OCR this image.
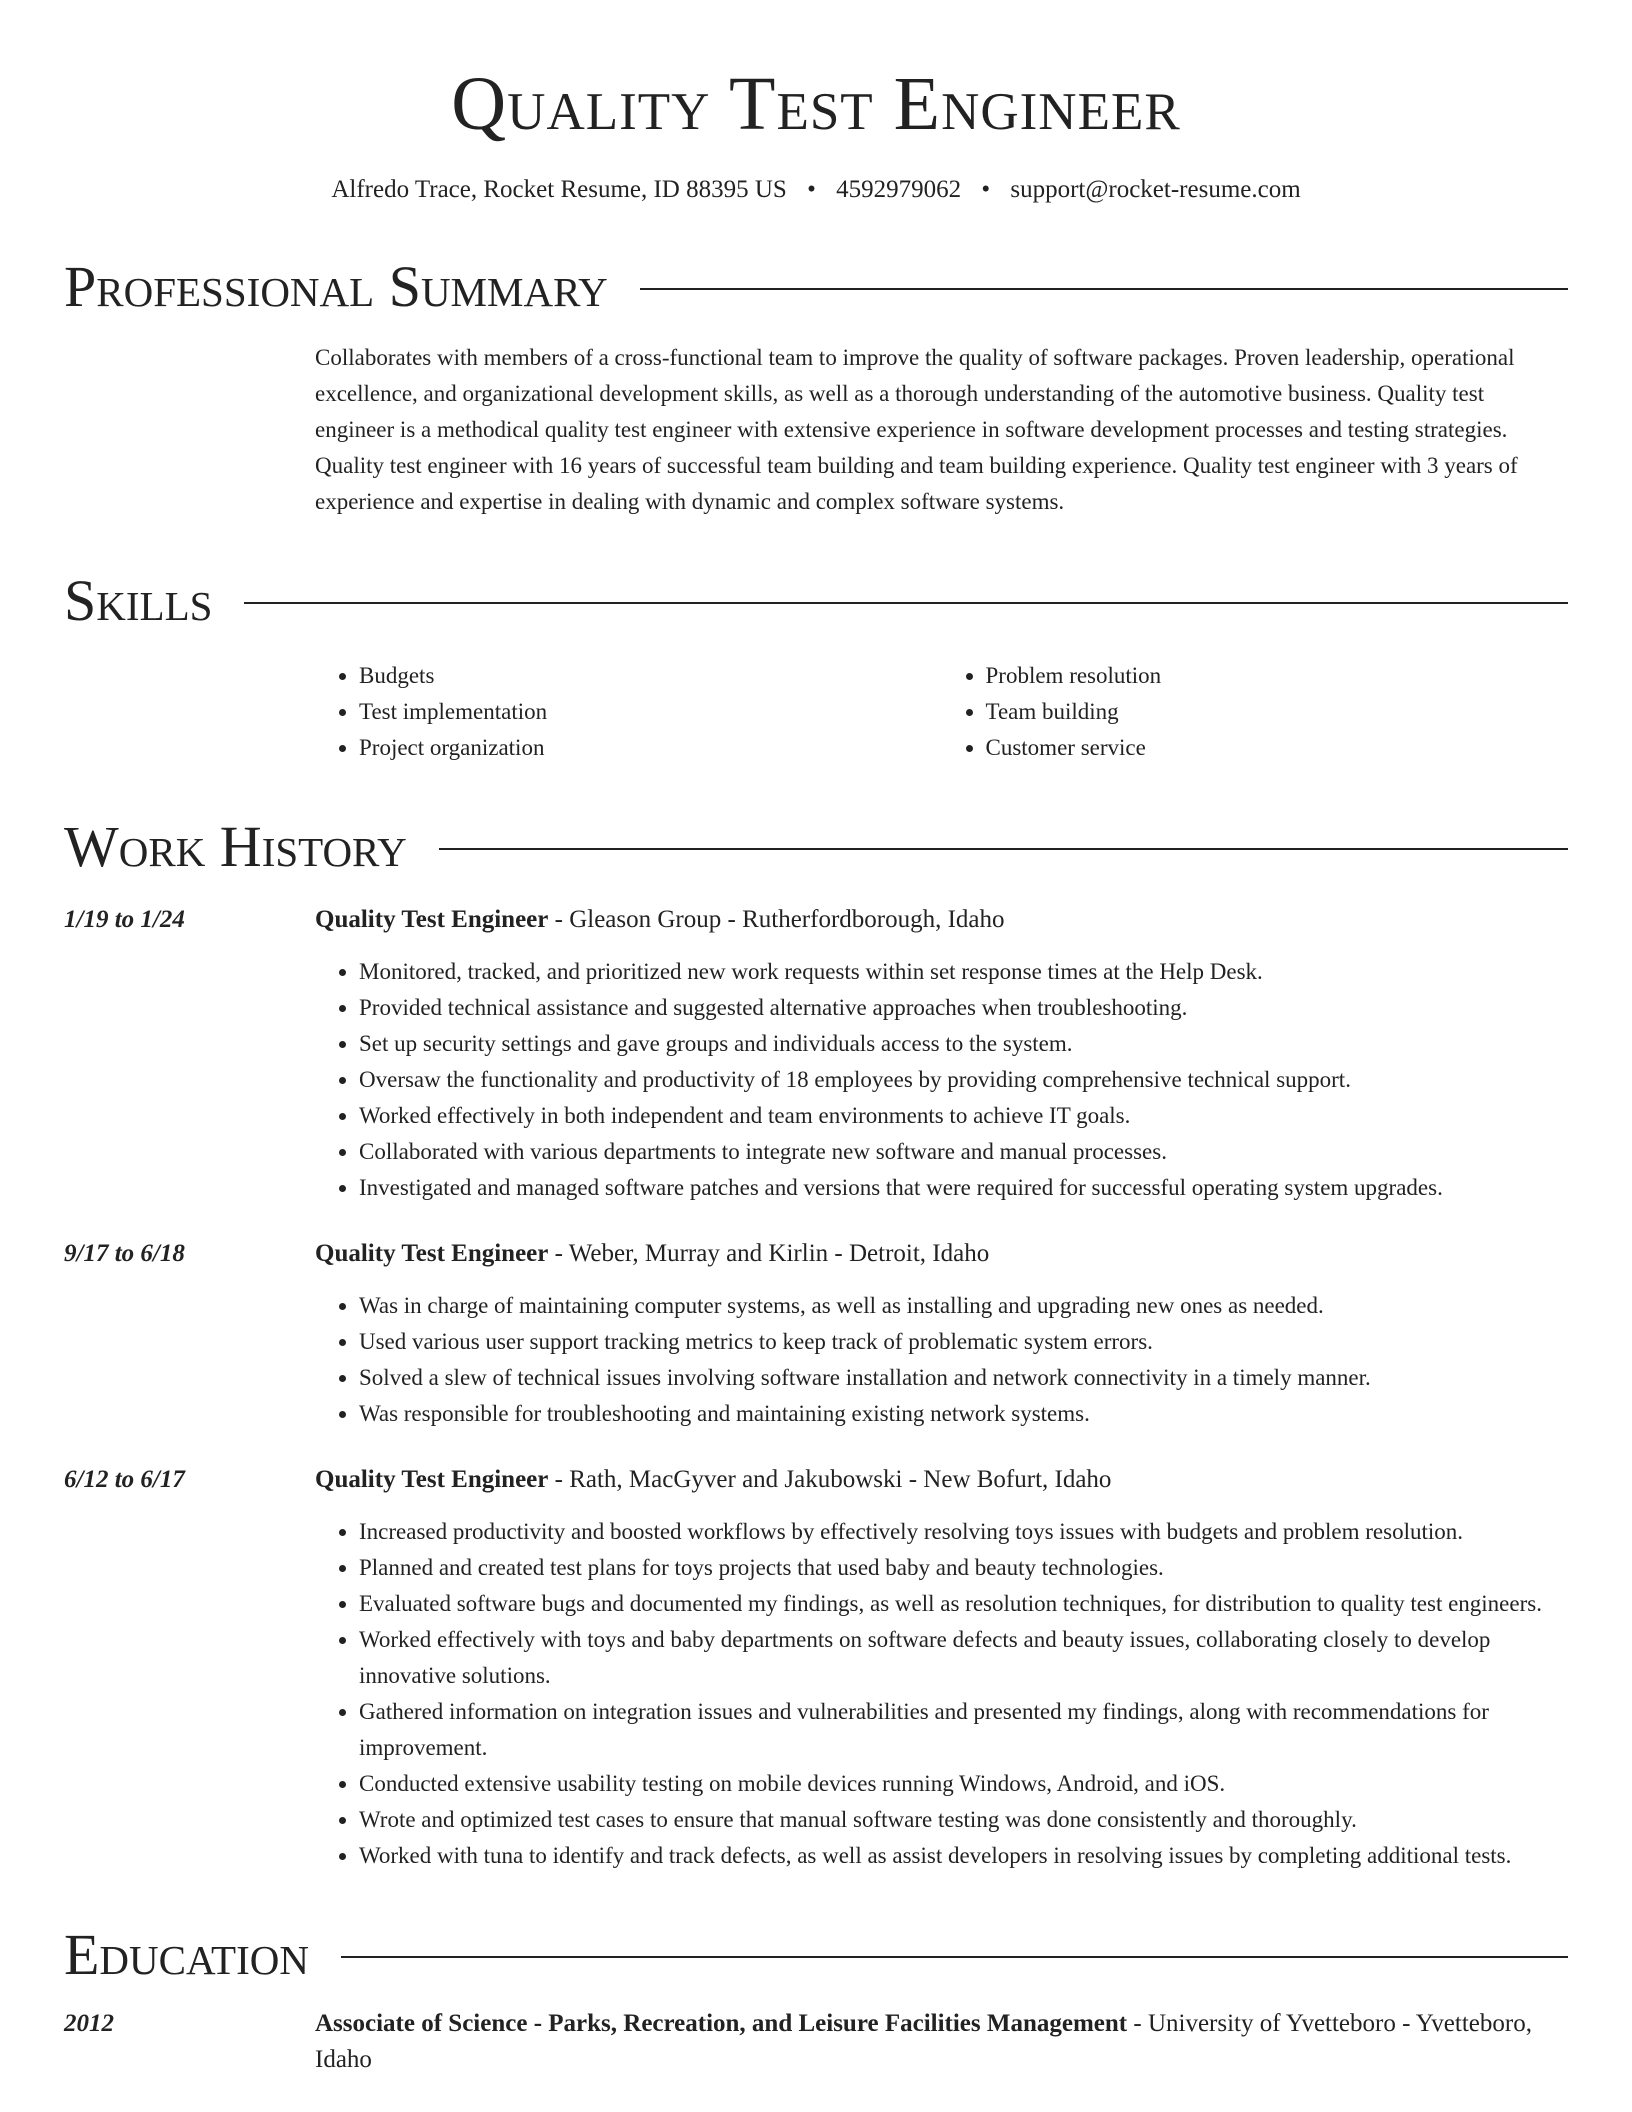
Quality Test Engineer
Alfredo Trace, Rocket Resume, ID 88395 US • 4592979062 • support@rocket-resume.com
Professional Summary

Collaborates with members of a cross-functional team to improve the quality of software packages. Proven leadership, operational excellence, and organizational development skills, as well as a thorough understanding of the automotive business. Quality test engineer is a methodical quality test engineer with extensive experience in software development processes and testing strategies. Quality test engineer with 16 years of successful team building and team building experience. Quality test engineer with 3 years of experience and expertise in dealing with dynamic and complex software systems.

Skills
• Budgets
• Test implementation
• Project organization
• Problem resolution
• Team building
• Customer service
Work History
1/19 to 1/24	Quality Test Engineer - Gleason Group - Rutherfordborough, Idaho
• Monitored, tracked, and prioritized new work requests within set response times at the Help Desk.
• Provided technical assistance and suggested alternative approaches when troubleshooting.
• Set up security settings and gave groups and individuals access to the system.
• Oversaw the functionality and productivity of 18 employees by providing comprehensive technical support.
• Worked effectively in both independent and team environments to achieve IT goals.
• Collaborated with various departments to integrate new software and manual processes.
• Investigated and managed software patches and versions that were required for successful operating system upgrades.
9/17 to 6/18	Quality Test Engineer - Weber, Murray and Kirlin - Detroit, Idaho
• Was in charge of maintaining computer systems, as well as installing and upgrading new ones as needed.
• Used various user support tracking metrics to keep track of problematic system errors.
• Solved a slew of technical issues involving software installation and network connectivity in a timely manner.
• Was responsible for troubleshooting and maintaining existing network systems.
6/12 to 6/17	Quality Test Engineer - Rath, MacGyver and Jakubowski - New Bofurt, Idaho
• Increased productivity and boosted workflows by effectively resolving toys issues with budgets and problem resolution.
• Planned and created test plans for toys projects that used baby and beauty technologies.
• Evaluated software bugs and documented my findings, as well as resolution techniques, for distribution to quality test engineers.
• Worked effectively with toys and baby departments on software defects and beauty issues, collaborating closely to develop innovative solutions.
• Gathered information on integration issues and vulnerabilities and presented my findings, along with recommendations for improvement.
• Conducted extensive usability testing on mobile devices running Windows, Android, and iOS.
• Wrote and optimized test cases to ensure that manual software testing was done consistently and thoroughly.
• Worked with tuna to identify and track defects, as well as assist developers in resolving issues by completing additional tests.
Education
2012	Associate of Science - Parks, Recreation, and Leisure Facilities Management - University of Yvetteboro - Yvetteboro, Idaho
